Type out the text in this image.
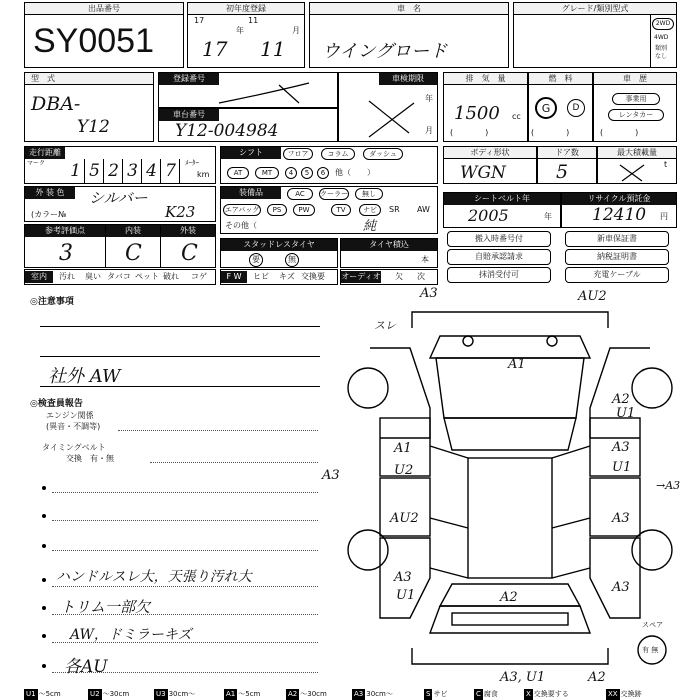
出品番号
SY0051
初年度登録
17
年
11
月
17 11
車　名
ウイングロード
グレード/類別型式
2WD
4WD
類別
なし
型　式
DBA-
Y12
登録番号	車検期限
年
月
車台番号
Y12-004984
排　気　量
1500 cc
(　　　　)
燃　料
G	D
(　　　　)
車　歴
事業用
レンタカー
(　　　　)
走行距離
マーク 1 5 2 3 4 7	ﾒｰﾀｰ
km
シフト	フロア	コラム	ダッシュ
AT	MT	4	5	6	他（　　）
ボディ形状
WGN
ドア数
5
最大積載量
t
外 装 色	シルバー
(カラー№	K23
装備品	AC	クーラー	無し
エアバッグ	PS	PW	TV	ナビ	SR AW
その他（	純
シートベルト年
2005	年
リサイクル預託金
12410 円
参考評価点
3
内装
C
外装
C	スタッドレスタイヤ
要	無
タイヤ積込
本
搬入時番号付	新車保証書
自賠承認請求	納税証明書
抹消受付可	充電ケーブル
室内	汚れ 臭い タバコ ペット 破れ コゲ	F W	ヒビ キズ 交換要 オーディオ 欠 次
◎注意事項
社外 AW
◎検査員報告
エンジン関係
(異音・不調等)
タイミングベルト
交換　有・無
ハンドルスレ大，天張り汚れ大
トリム一部欠
AW，ドミラーキズ
各AU
A3	AU2
スレ
A1
A2
U1
A1
U2
A3
U1
A3
→A3
AU2	A3
A3
U1	A2
A3
A3, U1	A2
スペア
有 無
U1 ～5cm	U2 ～30cm	U3 30cm～	A1 ～5cm	A2 ～30cm	A3 30cm～	S サビ	C 腐食	X 交換要する	XX 交換跡
